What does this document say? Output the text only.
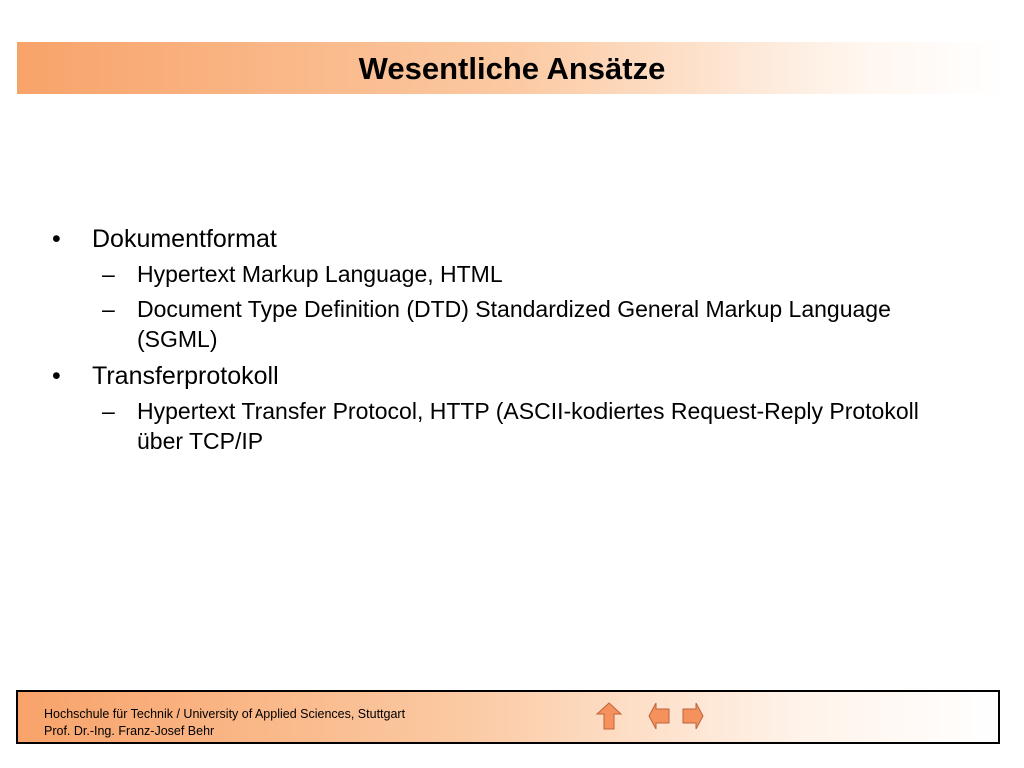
Wesentliche Ansätze
•	Dokumentformat
– Hypertext Markup Language, HTML
– Document Type Definition (DTD) Standardized General Markup Language (SGML)
•	Transferprotokoll
– Hypertext Transfer Protocol, HTTP (ASCII-kodiertes Request-Reply Protokoll über TCP/IP
Hochschule für Technik / University of Applied Sciences, Stuttgart
Prof. Dr.-Ing. Franz-Josef Behr
